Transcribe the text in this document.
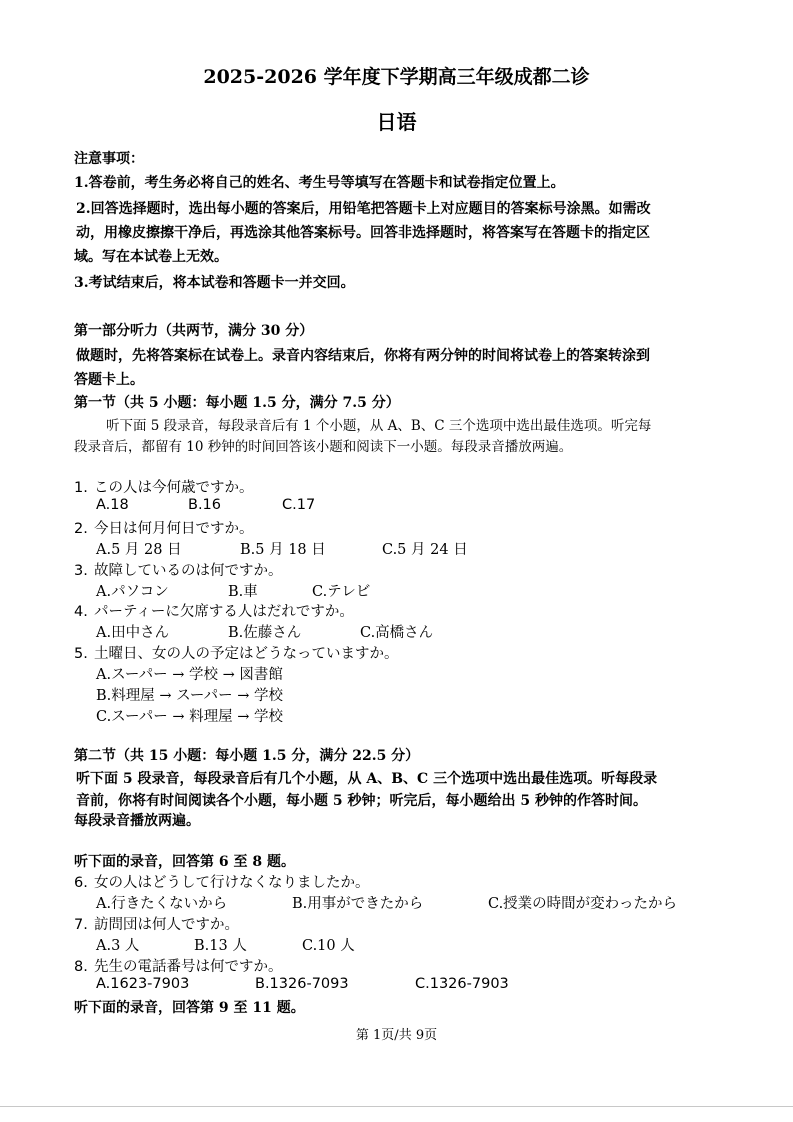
2025-2026 学年度下学期高三年级成都二诊
日语
注意事项：
1.答卷前，考生务必将自己的姓名、考生号等填写在答题卡和试卷指定位置上。
2.回答选择题时，选出每小题的答案后，用铅笔把答题卡上对应题目的答案标号涂黑。如需改
动，用橡皮擦擦干净后，再选涂其他答案标号。回答非选择题时，将答案写在答题卡的指定区
域。写在本试卷上无效。
3.考试结束后，将本试卷和答题卡一并交回。
第一部分听力（共两节，满分 30 分）
做题时，先将答案标在试卷上。录音内容结束后，你将有两分钟的时间将试卷上的答案转涂到
答题卡上。
第一节（共 5 小题：每小题 1.5 分，满分 7.5 分）
听下面 5 段录音，每段录音后有 1 个小题，从 A、B、C 三个选项中选出最佳选项。听完每
段录音后，都留有 10 秒钟的时间回答该小题和阅读下一小题。每段录音播放两遍。
1. この人は今何歳ですか。
A.18	B.16	C.17
2. 今日は何月何日ですか。
A.5 月 28 日	B.5 月 18 日	C.5 月 24 日
3. 故障しているのは何ですか。
A.パソコン	B.車	C.テレビ
4. パーティーに欠席する人はだれですか。
A.田中さん	B.佐藤さん	C.高橋さん
5. 土曜日、女の人の予定はどうなっていますか。
A.スーパー → 学校 → 図書館
B.料理屋 → スーパー → 学校
C.スーパー → 料理屋 → 学校
第二节（共 15 小题：每小题 1.5 分，满分 22.5 分）
听下面 5 段录音，每段录音后有几个小题，从 A、B、C 三个选项中选出最佳选项。听每段录
音前，你将有时间阅读各个小题，每小题 5 秒钟；听完后，每小题给出 5 秒钟的作答时间。
每段录音播放两遍。
听下面的录音，回答第 6 至 8 题。
6. 女の人はどうして行けなくなりましたか。
A.行きたくないから	B.用事ができたから	C.授業の時間が変わったから
7. 訪問団は何人ですか。
A.3 人	B.13 人	C.10 人
8. 先生の電話番号は何ですか。
A.1623-7903	B.1326-7093	C.1326-7903
听下面的录音，回答第 9 至 11 题。
第 1页/共 9页
